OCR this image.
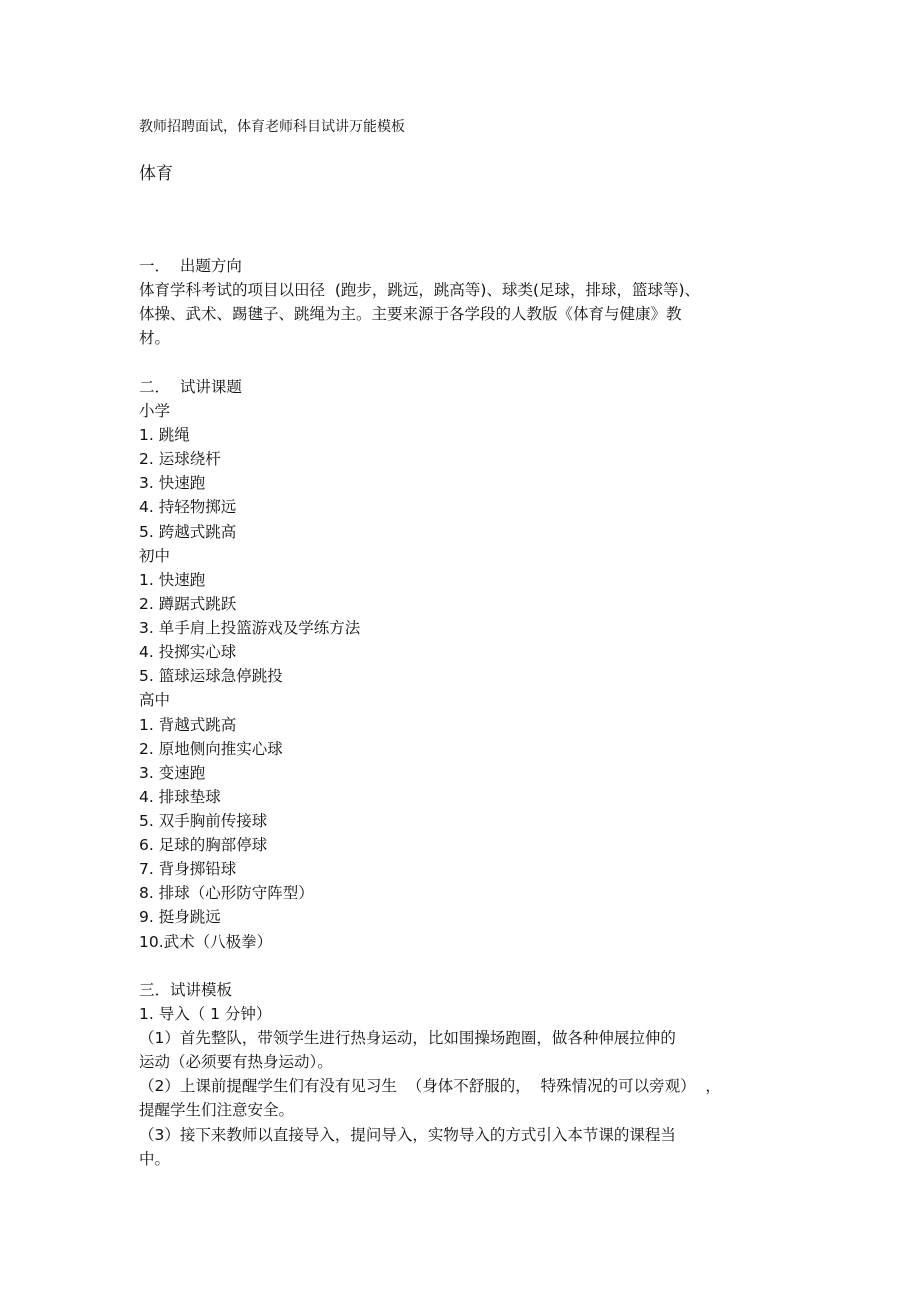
教师招聘面试，体育老师科目试讲万能模板
体育
一．  出题方向
体育学科考试的项目以田径  (跑步，跳远，跳高等)、球类(足球，排球，篮球等)、
体操、武术、踢毽子、跳绳为主。主要来源于各学段的人教版《体育与健康》教
材。
二．  试讲课题
小学
1. 跳绳
2. 运球绕杆
3. 快速跑
4. 持轻物掷远
5. 跨越式跳高
初中
1. 快速跑
2. 蹲踞式跳跃
3. 单手肩上投篮游戏及学练方法
4. 投掷实心球
5. 篮球运球急停跳投
高中
1. 背越式跳高
2. 原地侧向推实心球
3. 变速跑
4. 排球垫球
5. 双手胸前传接球
6. 足球的胸部停球
7. 背身掷铅球
8. 排球（心形防守阵型）
9. 挺身跳远
10.武术（八极拳）
三．试讲模板
1. 导入（ 1 分钟）
（1）首先整队，带领学生进行热身运动，比如围操场跑圈，做各种伸展拉伸的
运动（必须要有热身运动）。
（2）上课前提醒学生们有没有见习生  （身体不舒服的，  特殊情况的可以旁观）  ，
提醒学生们注意安全。
（3）接下来教师以直接导入，提问导入，实物导入的方式引入本节课的课程当
中。
